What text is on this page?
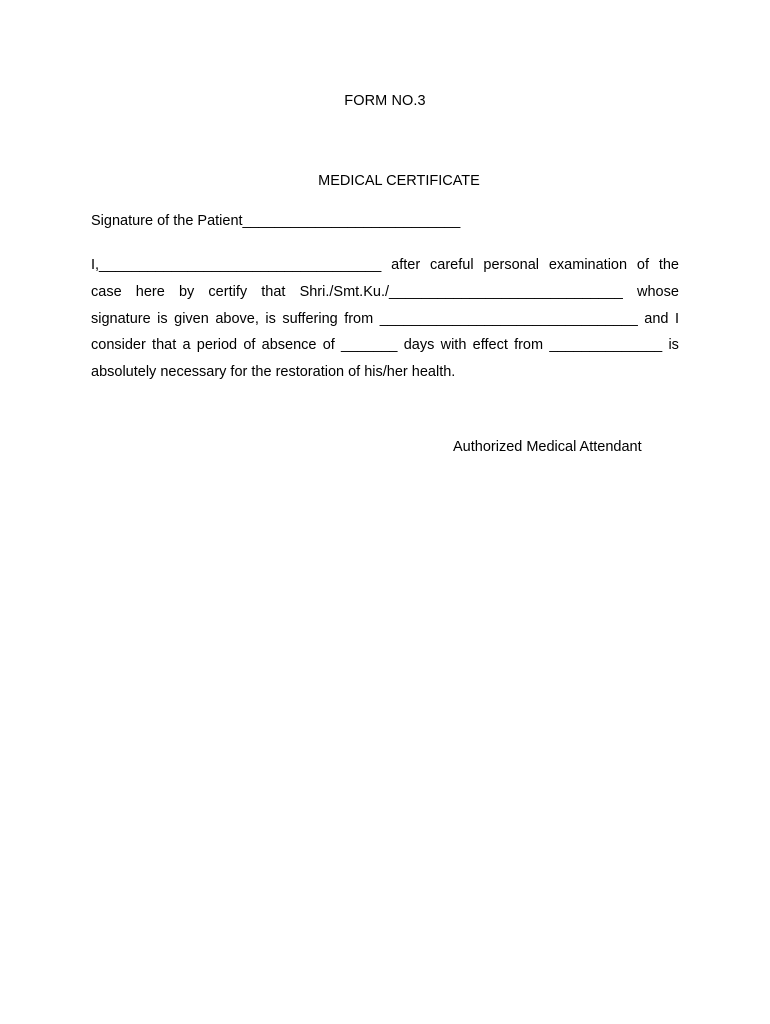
FORM NO.3
MEDICAL CERTIFICATE
Signature of the Patient___________________________
I,___________________________________ after careful personal examination of the
case here by certify that Shri./Smt.Ku./_____________________________ whose
signature is given above, is suffering from ________________________________ and I
consider that a period of absence of _______ days with effect from ______________ is
absolutely necessary for the restoration of his/her health.
Authorized Medical Attendant
